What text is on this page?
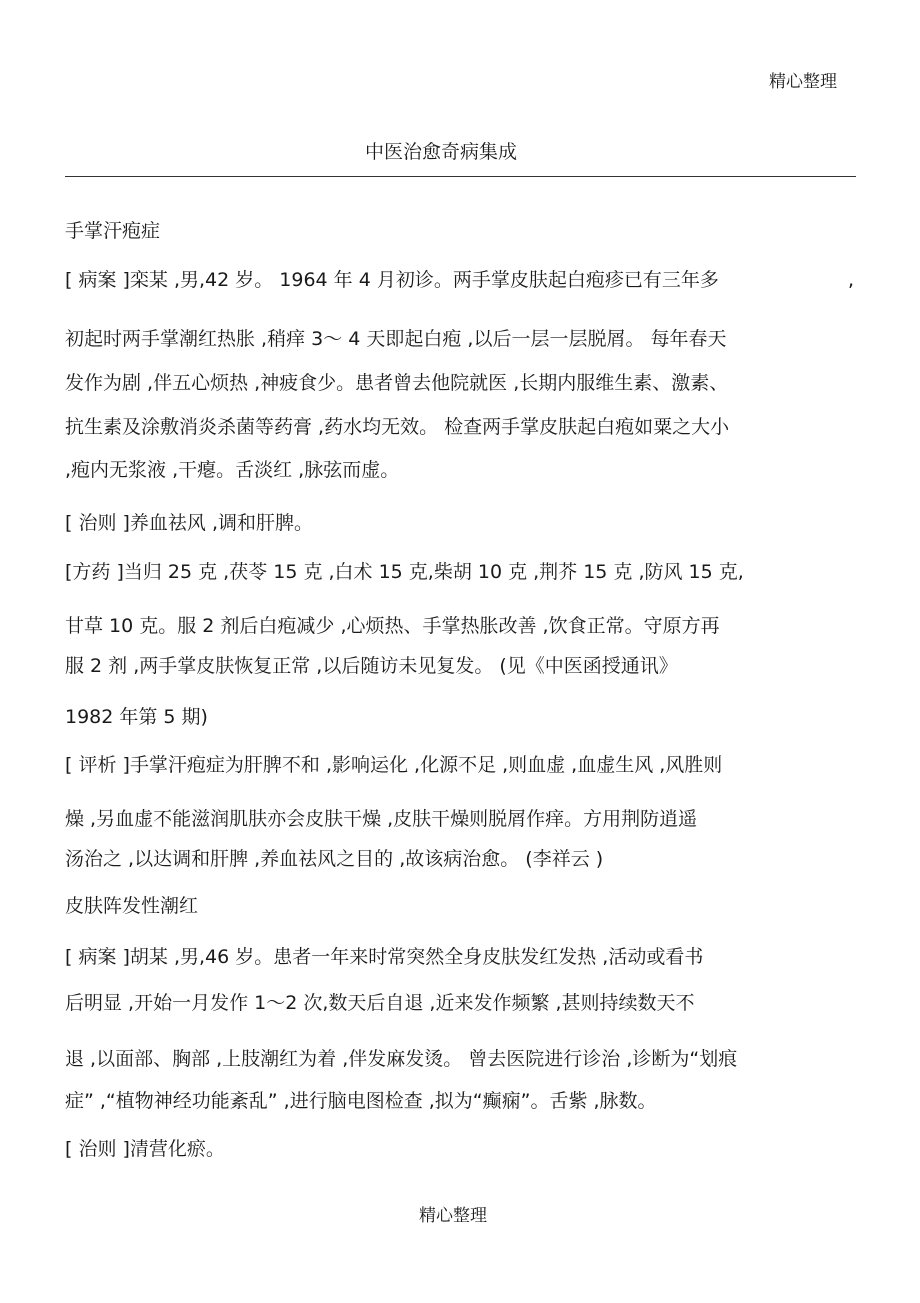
精心整理
中医治愈奇病集成
手掌汗疱症
[ 病案 ]栾某 ,男,42 岁。 1964 年 4 月初诊。两手掌皮肤起白疱疹已有三年多	,
初起时两手掌潮红热胀 ,稍痒 3～ 4 天即起白疱 ,以后一层一层脱屑。 每年春天
发作为剧 ,伴五心烦热 ,神疲食少。患者曾去他院就医 ,长期内服维生素、激素、
抗生素及涂敷消炎杀菌等药膏 ,药水均无效。 检查两手掌皮肤起白疱如粟之大小
,疱内无浆液 ,干瘪。舌淡红 ,脉弦而虚。
[ 治则 ]养血祛风 ,调和肝脾。
[方药 ]当归 25 克 ,茯苓 15 克 ,白术 15 克,柴胡 10 克 ,荆芥 15 克 ,防风 15 克,
甘草 10 克。服 2 剂后白疱减少 ,心烦热、手掌热胀改善 ,饮食正常。守原方再
服 2 剂 ,两手掌皮肤恢复正常 ,以后随访未见复发。 (见《中医函授通讯》
1982 年第 5 期)
[ 评析 ]手掌汗疱症为肝脾不和 ,影响运化 ,化源不足 ,则血虚 ,血虚生风 ,风胜则
燥 ,另血虚不能滋润肌肤亦会皮肤干燥 ,皮肤干燥则脱屑作痒。方用荆防逍遥
汤治之 ,以达调和肝脾 ,养血祛风之目的 ,故该病治愈。 (李祥云 )
皮肤阵发性潮红
[ 病案 ]胡某 ,男,46 岁。患者一年来时常突然全身皮肤发红发热 ,活动或看书
后明显 ,开始一月发作 1～2 次,数天后自退 ,近来发作频繁 ,甚则持续数天不
退 ,以面部、胸部 ,上肢潮红为着 ,伴发麻发烫。 曾去医院进行诊治 ,诊断为“划痕
症” ,“植物神经功能紊乱” ,进行脑电图检查 ,拟为“癫痫”。舌紫 ,脉数。
[ 治则 ]清营化瘀。
精心整理
